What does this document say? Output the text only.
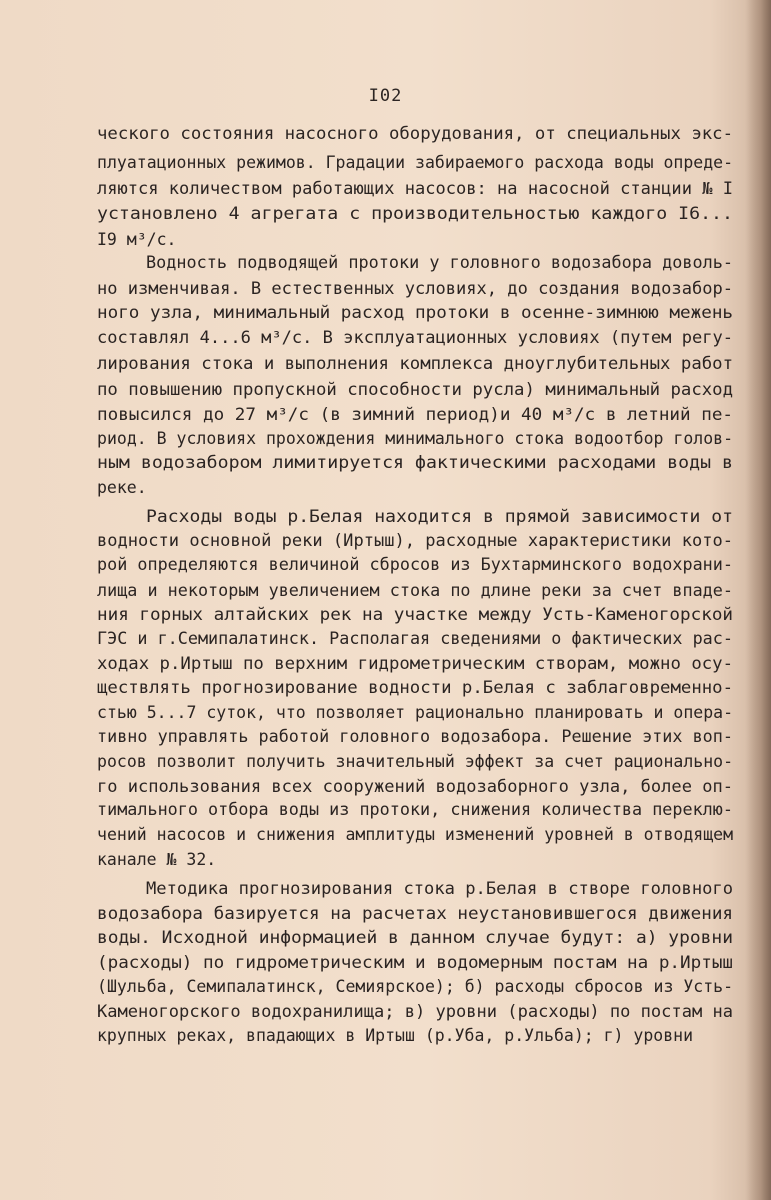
I02
ческого состояния насосного оборудования, от специальных экс-
плуатационных режимов. Градации забираемого расхода воды опреде-
ляются количеством работающих насосов: на насосной станции № I
установлено 4 агрегата с производительностью каждого I6...
I9 м³/с.
Водность подводящей протоки у головного водозабора доволь-
но изменчивая. В естественных условиях, до создания водозабор-
ного узла, минимальный расход протоки в осенне-зимнюю межень
составлял 4...6 м³/с. В эксплуатационных условиях (путем регу-
лирования стока и выполнения комплекса дноуглубительных работ
по повышению пропускной способности русла) минимальный расход
повысился до 27 м³/с (в зимний период)и 40 м³/с в летний пе-
риод. В условиях прохождения минимального стока водоотбор голов-
ным водозабором лимитируется фактическими расходами воды в
реке.
Расходы воды р.Белая находится в прямой зависимости от
водности основной реки (Иртыш), расходные характеристики кото-
рой определяются величиной сбросов из Бухтарминского водохрани-
лища и некоторым увеличением стока по длине реки за счет впаде-
ния горных алтайских рек на участке между Усть-Каменогорской
ГЭС и г.Семипалатинск. Располагая сведениями о фактических рас-
ходах р.Иртыш по верхним гидрометрическим створам, можно осу-
ществлять прогнозирование водности р.Белая с заблаговременно-
стью 5...7 суток, что позволяет рационально планировать и опера-
тивно управлять работой головного водозабора. Решение этих воп-
росов позволит получить значительный эффект за счет рационально-
го использования всех сооружений водозаборного узла, более оп-
тимального отбора воды из протоки, снижения количества переклю-
чений насосов и снижения амплитуды изменений уровней в отводящем
канале № 32.
Методика прогнозирования стока р.Белая в створе головного
водозабора базируется на расчетах неустановившегося движения
воды. Исходной информацией в данном случае будут: а) уровни
(расходы) по гидрометрическим и водомерным постам на р.Иртыш
(Шульба, Семипалатинск, Семиярское); б) расходы сбросов из Усть-
Каменогорского водохранилища; в) уровни (расходы) по постам на
крупных реках, впадающих в Иртыш (р.Уба, р.Ульба); г) уровни
